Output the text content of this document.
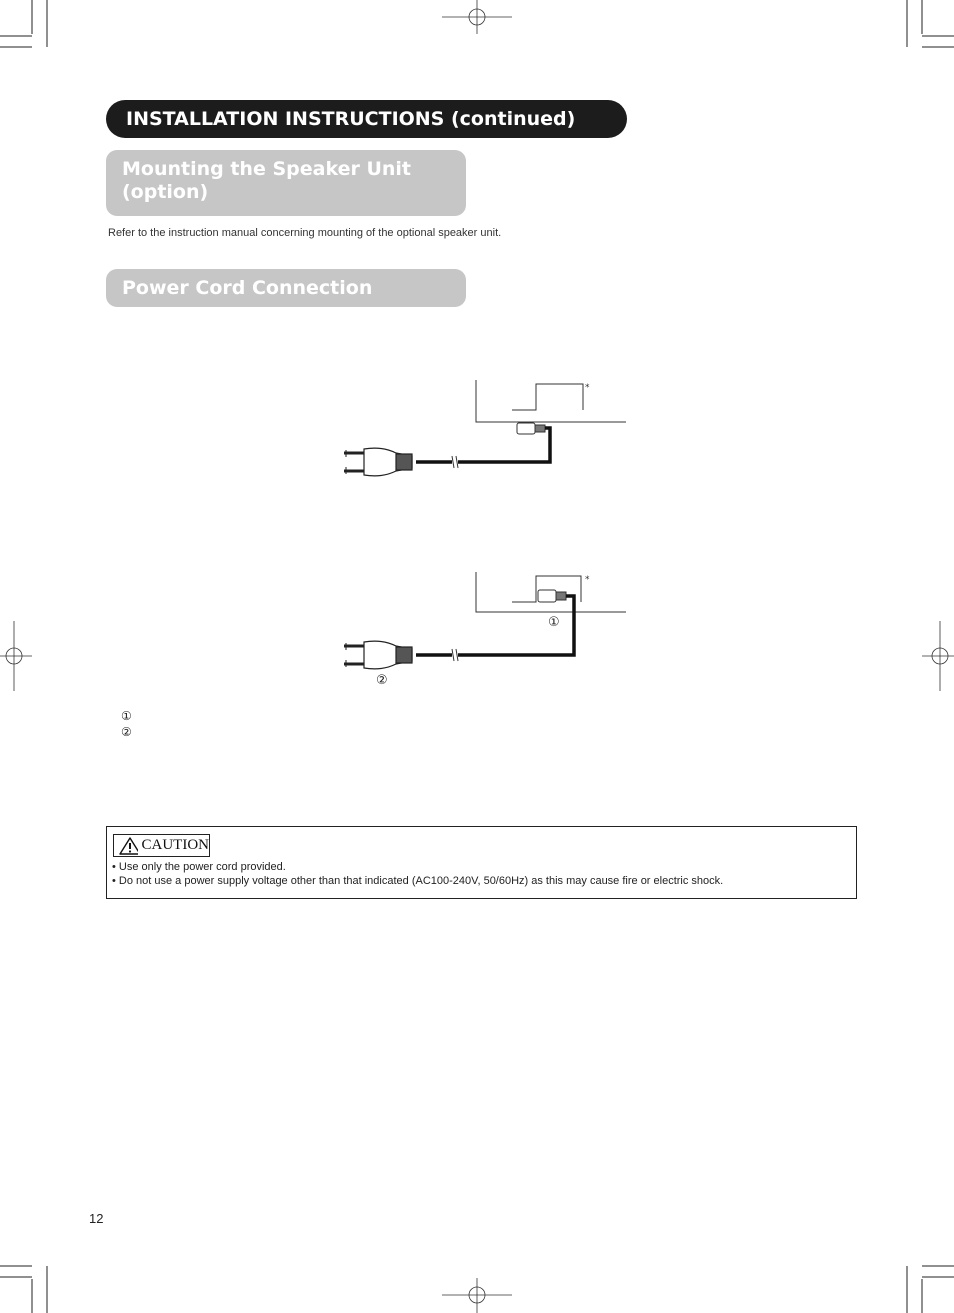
INSTALLATION INSTRUCTIONS (continued)
Mounting the Speaker Unit
(option)
Refer to the instruction manual concerning mounting of the optional speaker unit.
Power Cord Connection
*
*
①
②
①
②
CAUTION
• Use only the power cord provided.
• Do not use a power supply voltage other than that indicated (AC100-240V, 50/60Hz) as this may cause fire or electric shock.
12
